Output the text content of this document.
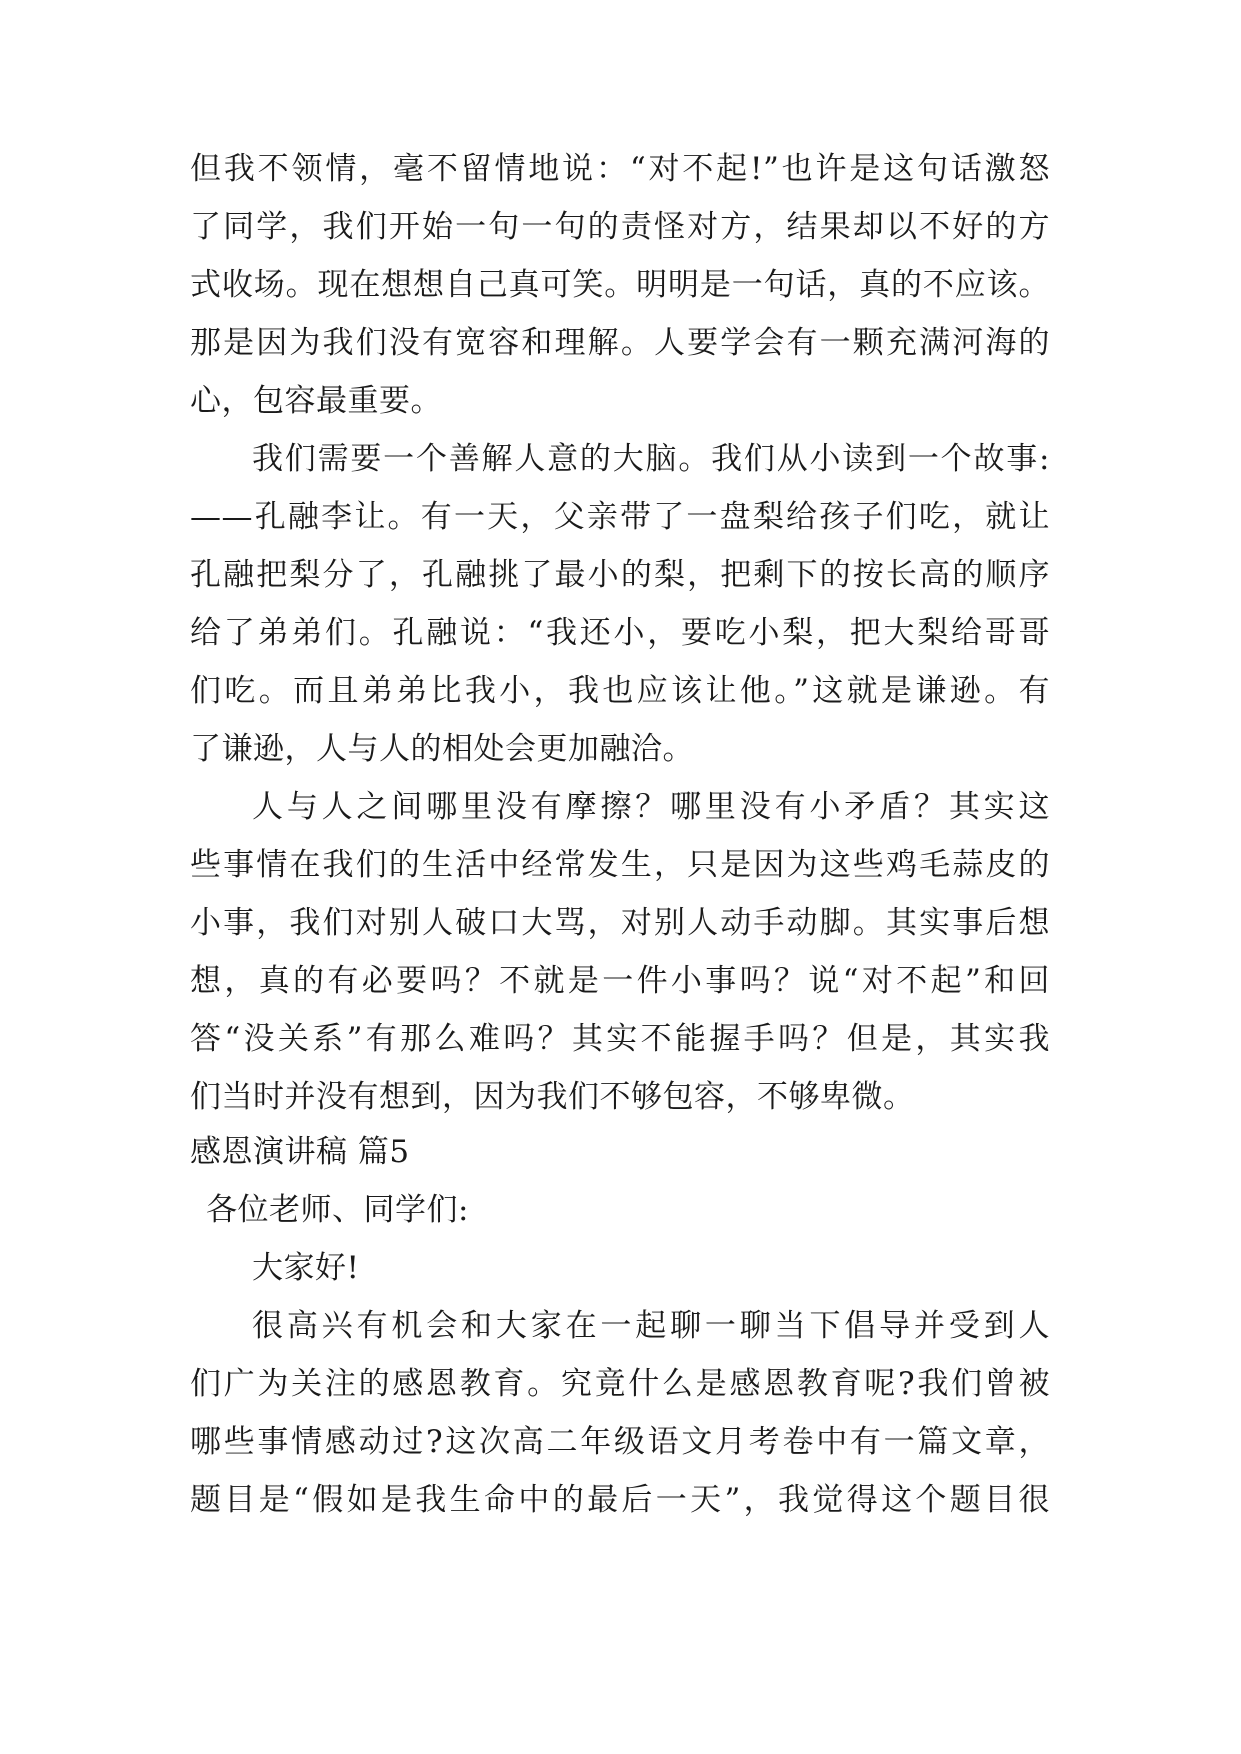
但我不领情，毫不留情地说：“对不起!”也许是这句话激怒
了同学，我们开始一句一句的责怪对方，结果却以不好的方
式收场。现在想想自己真可笑。明明是一句话，真的不应该。
那是因为我们没有宽容和理解。人要学会有一颗充满河海的
心，包容最重要。
我们需要一个善解人意的大脑。我们从小读到一个故事:
——孔融李让。有一天，父亲带了一盘梨给孩子们吃，就让
孔融把梨分了，孔融挑了最小的梨，把剩下的按长高的顺序
给了弟弟们。孔融说：“我还小，要吃小梨，把大梨给哥哥
们吃。而且弟弟比我小，我也应该让他。”这就是谦逊。有
了谦逊，人与人的相处会更加融洽。
人与人之间哪里没有摩擦？哪里没有小矛盾？其实这
些事情在我们的生活中经常发生，只是因为这些鸡毛蒜皮的
小事，我们对别人破口大骂，对别人动手动脚。其实事后想
想，真的有必要吗？不就是一件小事吗？说“对不起”和回
答“没关系”有那么难吗？其实不能握手吗？但是，其实我
们当时并没有想到，因为我们不够包容，不够卑微。
感恩演讲稿 篇5
各位老师、同学们:
大家好!
很高兴有机会和大家在一起聊一聊当下倡导并受到人
们广为关注的感恩教育。究竟什么是感恩教育呢?我们曾被
哪些事情感动过?这次高二年级语文月考卷中有一篇文章，
题目是“假如是我生命中的最后一天”，我觉得这个题目很
